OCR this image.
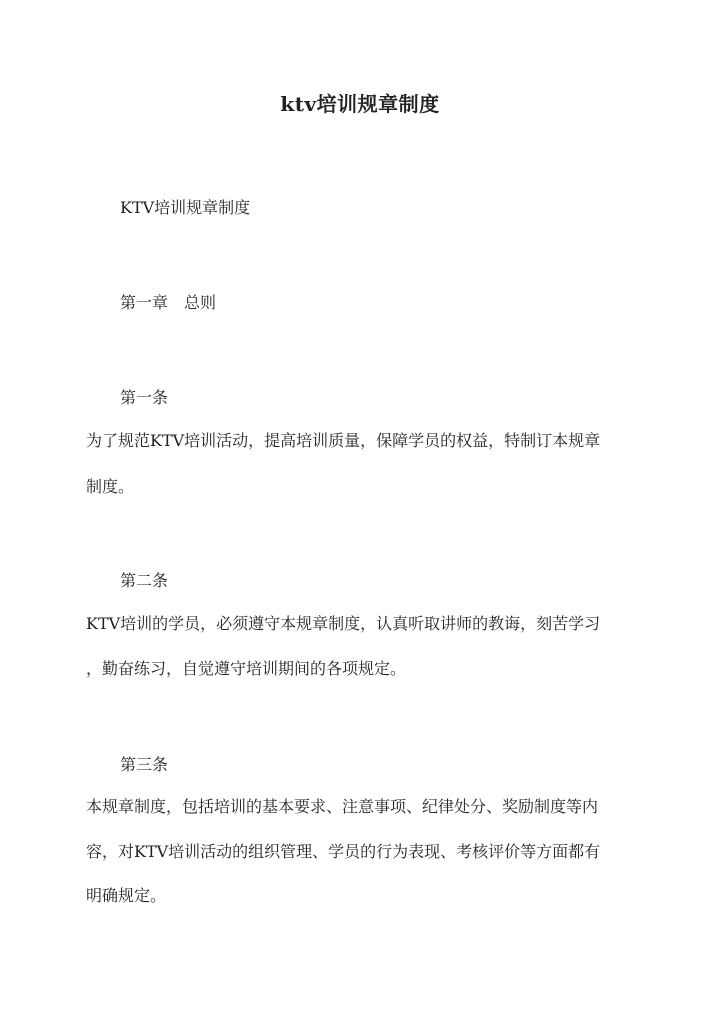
ktv培训规章制度

KTV培训规章制度

第一章　总则

第一条

为了规范KTV培训活动，提高培训质量，保障学员的权益，特制订本规章

制度。

第二条

KTV培训的学员，必须遵守本规章制度，认真听取讲师的教诲，刻苦学习

，勤奋练习，自觉遵守培训期间的各项规定。

第三条

本规章制度，包括培训的基本要求、注意事项、纪律处分、奖励制度等内

容，对KTV培训活动的组织管理、学员的行为表现、考核评价等方面都有

明确规定。
